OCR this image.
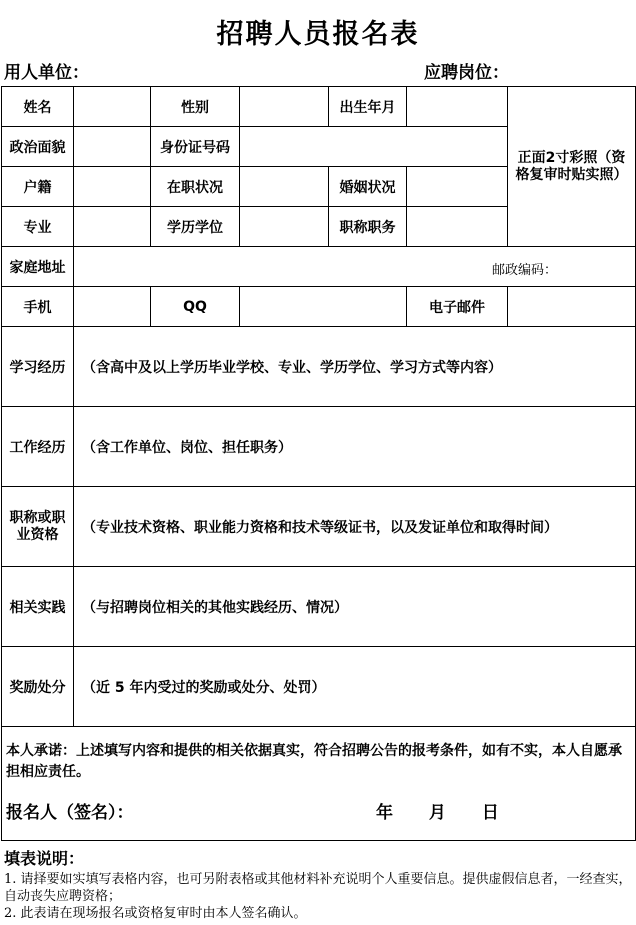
招聘人员报名表
用人单位：	应聘岗位：
姓名		性别		出生年月		正面2寸彩照（资格复审时贴实照）
政治面貌		身份证号码				
户籍		在职状况		婚姻状况		
专业		学历学位		职称职务		
家庭地址	邮政编码：					

手机		QQ			电子邮件	
学习经历	（含高中及以上学历毕业学校、专业、学历学位、学习方式等内容）					
工作经历	（含工作单位、岗位、担任职务）					
职称或职业资格	（专业技术资格、职业能力资格和技术等级证书，以及发证单位和取得时间）					
相关实践	（与招聘岗位相关的其他实践经历、情况）					
奖励处分	（近 5 年内受过的奖励或处分、处罚）					

本人承诺：上述填写内容和提供的相关依据真实，符合招聘公告的报考条件，如有不实，本人自愿承担相应责任。
报名人（签名）： 年 月 日						
填表说明：
1. 请择要如实填写表格内容，也可另附表格或其他材料补充说明个人重要信息。提供虚假信息者，一经查实，自动丧失应聘资格；
2. 此表请在现场报名或资格复审时由本人签名确认。
